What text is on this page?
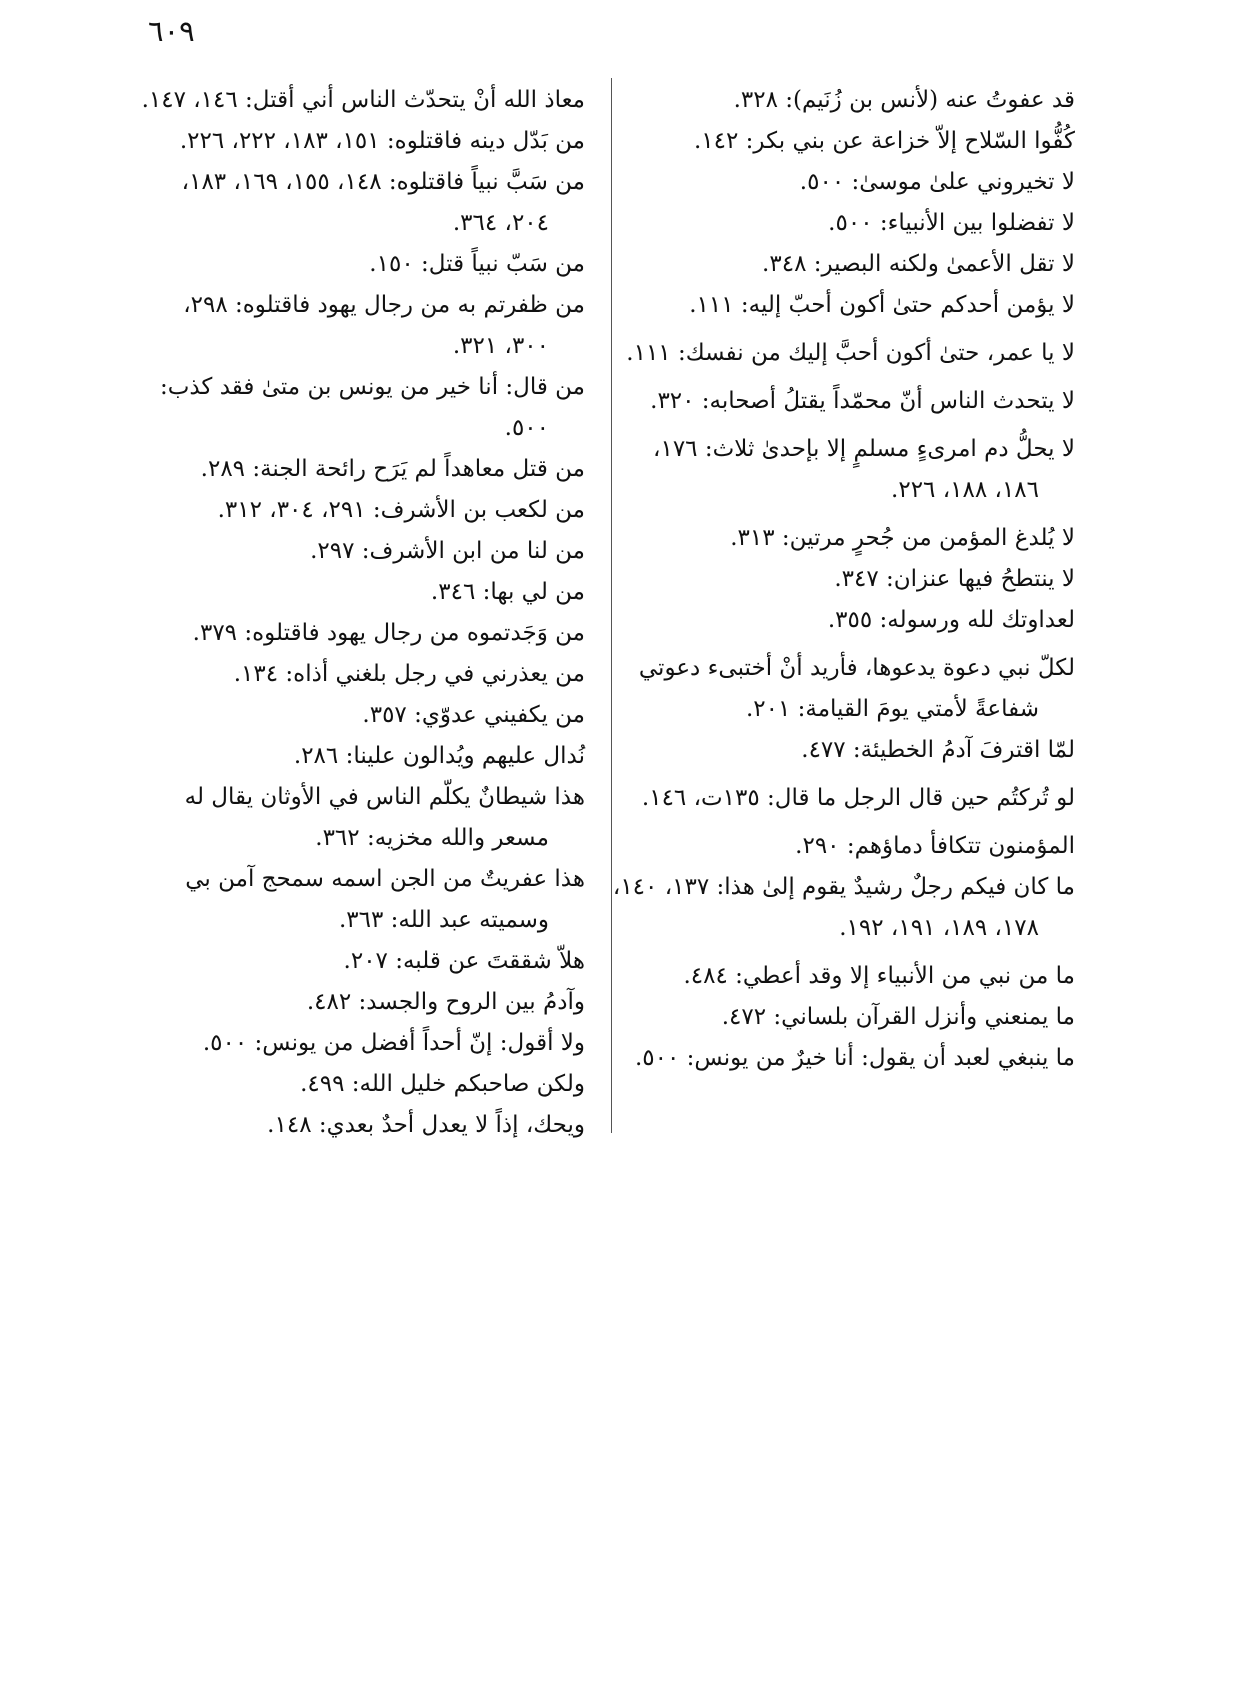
٦٠٩

قد عفوتُ عنه (لأنس بن زُنَيم): ٣٢٨.

كُفُّوا السّلاح إلاّ خزاعة عن بني بكر: ١٤٢.

لا تخيروني علىٰ موسىٰ: ٥٠٠.

لا تفضلوا بين الأنبياء: ٥٠٠.

لا تقل الأعمىٰ ولكنه البصير: ٣٤٨.

لا يؤمن أحدكم حتىٰ أكون أحبّ إليه: ١١١.

لا يا عمر، حتىٰ أكون أحبَّ إليك من نفسك: ١١١.

لا يتحدث الناس أنّ محمّداً يقتلُ أصحابه: ٣٢٠.

لا يحلُّ دم امرىءٍ مسلمٍ إلا بإحدىٰ ثلاث: ١٧٦، ١٨٦، ١٨٨، ٢٢٦.

لا يُلدغ المؤمن من جُحرٍ مرتين: ٣١٣.

لا ينتطحُ فيها عنزان: ٣٤٧.

لعداوتك لله ورسوله: ٣٥٥.

لكلّ نبي دعوة يدعوها، فأريد أنْ أختبىء دعوتي شفاعةً لأمتي يومَ القيامة: ٢٠١.

لمّا اقترفَ آدمُ الخطيئة: ٤٧٧.

لو تُركتُم حين قال الرجل ما قال: ١٣٥ت، ١٤٦.

المؤمنون تتكافأ دماؤهم: ٢٩٠.

ما كان فيكم رجلٌ رشيدٌ يقوم إلىٰ هذا: ١٣٧، ١٤٠، ١٧٨، ١٨٩، ١٩١، ١٩٢.

ما من نبي من الأنبياء إلا وقد أعطي: ٤٨٤.

ما يمنعني وأنزل القرآن بلساني: ٤٧٢.

ما ينبغي لعبد أن يقول: أنا خيرٌ من يونس: ٥٠٠.

معاذ الله أنْ يتحدّث الناس أني أقتل: ١٤٦، ١٤٧.

من بَدّل دينه فاقتلوه: ١٥١، ١٨٣، ٢٢٢، ٢٢٦.

من سَبَّ نبياً فاقتلوه: ١٤٨، ١٥٥، ١٦٩، ١٨٣، ٢٠٤، ٣٦٤.

من سَبّ نبياً قتل: ١٥٠.

من ظفرتم به من رجال يهود فاقتلوه: ٢٩٨، ٣٠٠، ٣٢١.

من قال: أنا خير من يونس بن متىٰ فقد كذب: ٥٠٠.

من قتل معاهداً لم يَرَح رائحة الجنة: ٢٨٩.

من لكعب بن الأشرف: ٢٩١، ٣٠٤، ٣١٢.

من لنا من ابن الأشرف: ٢٩٧.

من لي بها: ٣٤٦.

من وَجَدتموه من رجال يهود فاقتلوه: ٣٧٩.

من يعذرني في رجل بلغني أذاه: ١٣٤.

من يكفيني عدوّي: ٣٥٧.

نُدال عليهم ويُدالون علينا: ٢٨٦.

هذا شيطانٌ يكلّم الناس في الأوثان يقال له مسعر والله مخزيه: ٣٦٢.

هذا عفريتٌ من الجن اسمه سمحج آمن بي وسميته عبد الله: ٣٦٣.

هلاّ شققتَ عن قلبه: ٢٠٧.

وآدمُ بين الروح والجسد: ٤٨٢.

ولا أقول: إنّ أحداً أفضل من يونس: ٥٠٠.

ولكن صاحبكم خليل الله: ٤٩٩.

ويحك، إذاً لا يعدل أحدٌ بعدي: ١٤٨.
